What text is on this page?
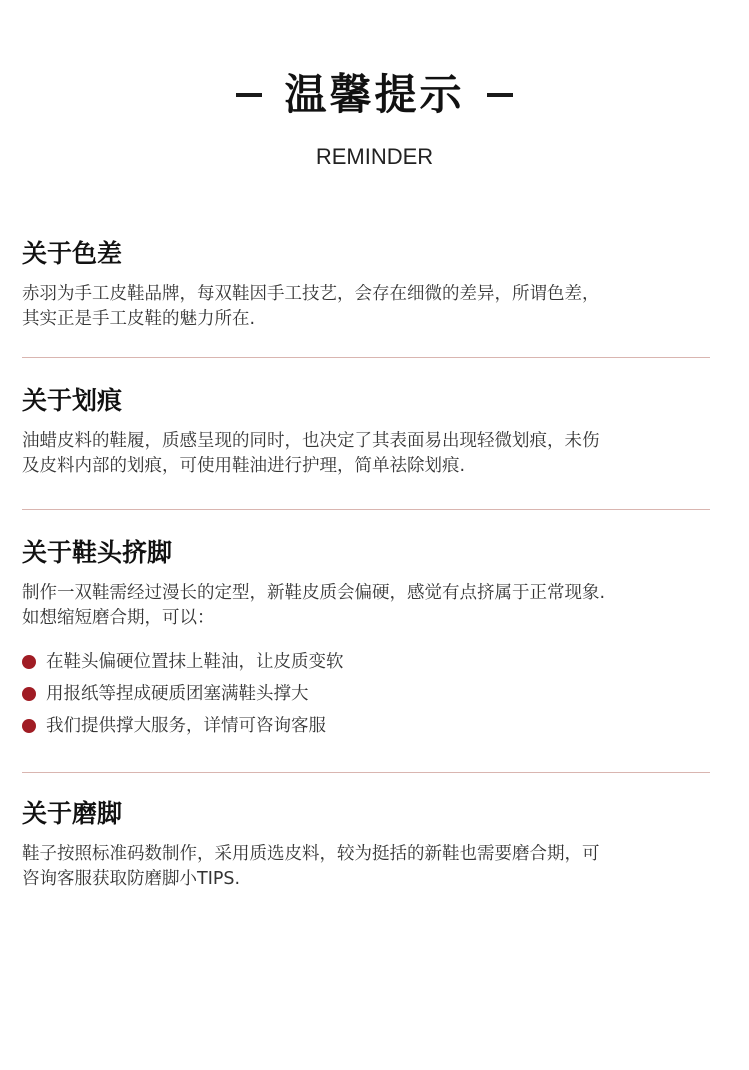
温馨提示
REMINDER
关于色差

赤羽为手工皮鞋品牌，每双鞋因手工技艺，会存在细微的差异，所谓色差，

其实正是手工皮鞋的魅力所在.

关于划痕

油蜡皮料的鞋履，质感呈现的同时，也决定了其表面易出现轻微划痕，未伤

及皮料内部的划痕，可使用鞋油进行护理，简单祛除划痕.

关于鞋头挤脚

制作一双鞋需经过漫长的定型，新鞋皮质会偏硬，感觉有点挤属于正常现象.

如想缩短磨合期，可以：

在鞋头偏硬位置抹上鞋油，让皮质变软
用报纸等捏成硬质团塞满鞋头撑大
我们提供撑大服务，详情可咨询客服
关于磨脚

鞋子按照标准码数制作，采用质选皮料，较为挺括的新鞋也需要磨合期，可

咨询客服获取防磨脚小TIPS.
